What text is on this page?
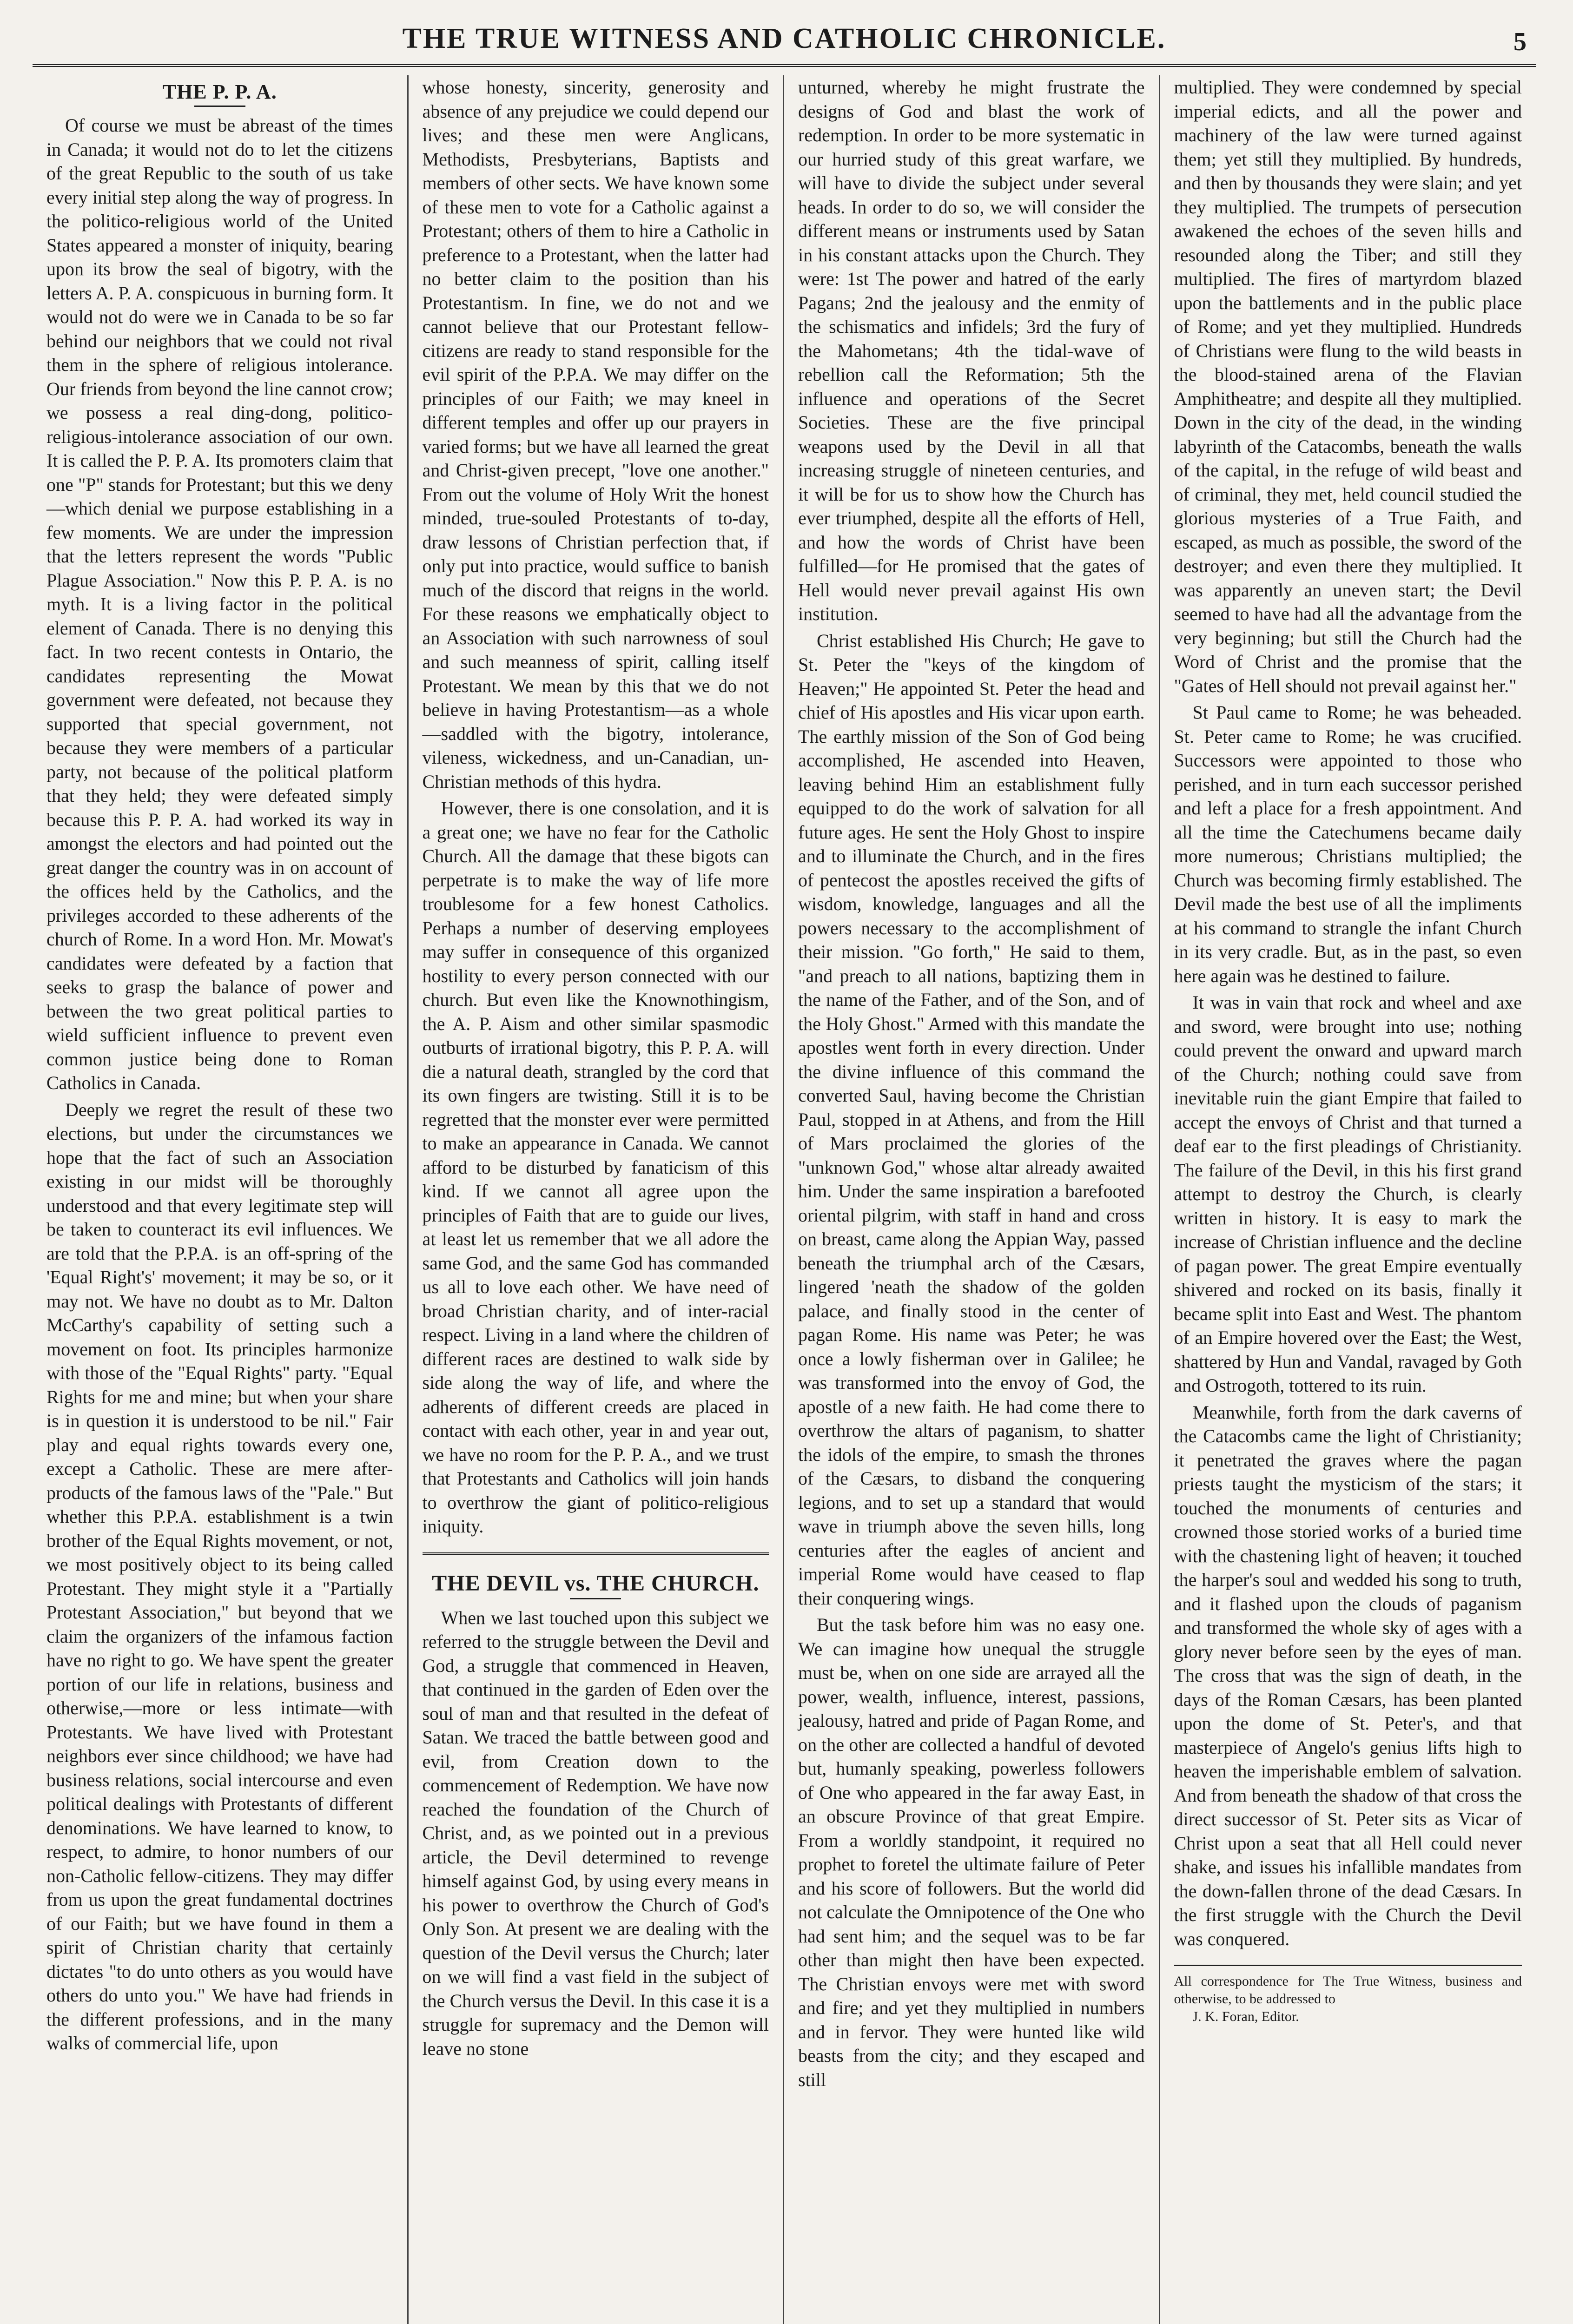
THE TRUE WITNESS AND CATHOLIC CHRONICLE.	5
THE P. P. A.

Of course we must be abreast of the times in Canada; it would not do to let the citizens of the great Republic to the south of us take every initial step along the way of progress. In the politico-religious world of the United States appeared a monster of iniquity, bearing upon its brow the seal of bigotry, with the letters A. P. A. conspicuous in burning form. It would not do were we in Canada to be so far behind our neighbors that we could not rival them in the sphere of religious intolerance. Our friends from beyond the line cannot crow; we possess a real ding-dong, politico-religious-intolerance association of our own. It is called the P. P. A. Its promoters claim that one "P" stands for Protestant; but this we deny—which denial we purpose establishing in a few moments. We are under the impression that the letters represent the words "Public Plague Association." Now this P. P. A. is no myth. It is a living factor in the political element of Canada. There is no denying this fact. In two recent contests in Ontario, the candidates representing the Mowat government were defeated, not because they supported that special government, not because they were members of a particular party, not because of the political platform that they held; they were defeated simply because this P. P. A. had worked its way in amongst the electors and had pointed out the great danger the country was in on account of the offices held by the Catholics, and the privileges accorded to these adherents of the church of Rome. In a word Hon. Mr. Mowat's candidates were defeated by a faction that seeks to grasp the balance of power and between the two great political parties to wield sufficient influence to prevent even common justice being done to Roman Catholics in Canada.

Deeply we regret the result of these two elections, but under the circumstances we hope that the fact of such an Association existing in our midst will be thoroughly understood and that every legitimate step will be taken to counteract its evil influences. We are told that the P.P.A. is an off-spring of the 'Equal Right's' movement; it may be so, or it may not. We have no doubt as to Mr. Dalton McCarthy's capability of setting such a movement on foot. Its principles harmonize with those of the "Equal Rights" party. "Equal Rights for me and mine; but when your share is in question it is understood to be nil." Fair play and equal rights towards every one, except a Catholic. These are mere after-products of the famous laws of the "Pale." But whether this P.P.A. establishment is a twin brother of the Equal Rights movement, or not, we most positively object to its being called Protestant. They might style it a "Partially Protestant Association," but beyond that we claim the organizers of the infamous faction have no right to go. We have spent the greater portion of our life in relations, business and otherwise,—more or less intimate—with Protestants. We have lived with Protestant neighbors ever since childhood; we have had business relations, social intercourse and even political dealings with Protestants of different denominations. We have learned to know, to respect, to admire, to honor numbers of our non-Catholic fellow-citizens. They may differ from us upon the great fundamental doctrines of our Faith; but we have found in them a spirit of Christian charity that certainly dictates "to do unto others as you would have others do unto you." We have had friends in the different professions, and in the many walks of commercial life, upon

whose honesty, sincerity, generosity and absence of any prejudice we could depend our lives; and these men were Anglicans, Methodists, Presbyterians, Baptists and members of other sects. We have known some of these men to vote for a Catholic against a Protestant; others of them to hire a Catholic in preference to a Protestant, when the latter had no better claim to the position than his Protestantism. In fine, we do not and we cannot believe that our Protestant fellow-citizens are ready to stand responsible for the evil spirit of the P.P.A. We may differ on the principles of our Faith; we may kneel in different temples and offer up our prayers in varied forms; but we have all learned the great and Christ-given precept, "love one another." From out the volume of Holy Writ the honest minded, true-souled Protestants of to-day, draw lessons of Christian perfection that, if only put into practice, would suffice to banish much of the discord that reigns in the world. For these reasons we emphatically object to an Association with such narrowness of soul and such meanness of spirit, calling itself Protestant. We mean by this that we do not believe in having Protestantism—as a whole—saddled with the bigotry, intolerance, vileness, wickedness, and un-Canadian, un-Christian methods of this hydra.

However, there is one consolation, and it is a great one; we have no fear for the Catholic Church. All the damage that these bigots can perpetrate is to make the way of life more troublesome for a few honest Catholics. Perhaps a number of deserving employees may suffer in consequence of this organized hostility to every person connected with our church. But even like the Knownothingism, the A. P. Aism and other similar spasmodic outburts of irrational bigotry, this P. P. A. will die a natural death, strangled by the cord that its own fingers are twisting. Still it is to be regretted that the monster ever were permitted to make an appearance in Canada. We cannot afford to be disturbed by fanaticism of this kind. If we cannot all agree upon the principles of Faith that are to guide our lives, at least let us remember that we all adore the same God, and the same God has commanded us all to love each other. We have need of broad Christian charity, and of inter-racial respect. Living in a land where the children of different races are destined to walk side by side along the way of life, and where the adherents of different creeds are placed in contact with each other, year in and year out, we have no room for the P. P. A., and we trust that Protestants and Catholics will join hands to overthrow the giant of politico-religious iniquity.

THE DEVIL vs. THE CHURCH.

When we last touched upon this subject we referred to the struggle between the Devil and God, a struggle that commenced in Heaven, that continued in the garden of Eden over the soul of man and that resulted in the defeat of Satan. We traced the battle between good and evil, from Creation down to the commencement of Redemption. We have now reached the foundation of the Church of Christ, and, as we pointed out in a previous article, the Devil determined to revenge himself against God, by using every means in his power to overthrow the Church of God's Only Son. At present we are dealing with the question of the Devil versus the Church; later on we will find a vast field in the subject of the Church versus the Devil. In this case it is a struggle for supremacy and the Demon will leave no stone

unturned, whereby he might frustrate the designs of God and blast the work of redemption. In order to be more systematic in our hurried study of this great warfare, we will have to divide the subject under several heads. In order to do so, we will consider the different means or instruments used by Satan in his constant attacks upon the Church. They were: 1st The power and hatred of the early Pagans; 2nd the jealousy and the enmity of the schismatics and infidels; 3rd the fury of the Mahometans; 4th the tidal-wave of rebellion call the Reformation; 5th the influence and operations of the Secret Societies. These are the five principal weapons used by the Devil in all that increasing struggle of nineteen centuries, and it will be for us to show how the Church has ever triumphed, despite all the efforts of Hell, and how the words of Christ have been fulfilled—for He promised that the gates of Hell would never prevail against His own institution.

Christ established His Church; He gave to St. Peter the "keys of the kingdom of Heaven;" He appointed St. Peter the head and chief of His apostles and His vicar upon earth. The earthly mission of the Son of God being accomplished, He ascended into Heaven, leaving behind Him an establishment fully equipped to do the work of salvation for all future ages. He sent the Holy Ghost to inspire and to illuminate the Church, and in the fires of pentecost the apostles received the gifts of wisdom, knowledge, languages and all the powers necessary to the accomplishment of their mission. "Go forth," He said to them, "and preach to all nations, baptizing them in the name of the Father, and of the Son, and of the Holy Ghost." Armed with this mandate the apostles went forth in every direction. Under the divine influence of this command the converted Saul, having become the Christian Paul, stopped in at Athens, and from the Hill of Mars proclaimed the glories of the "unknown God," whose altar already awaited him. Under the same inspiration a barefooted oriental pilgrim, with staff in hand and cross on breast, came along the Appian Way, passed beneath the triumphal arch of the Cæsars, lingered 'neath the shadow of the golden palace, and finally stood in the center of pagan Rome. His name was Peter; he was once a lowly fisherman over in Galilee; he was transformed into the envoy of God, the apostle of a new faith. He had come there to overthrow the altars of paganism, to shatter the idols of the empire, to smash the thrones of the Cæsars, to disband the conquering legions, and to set up a standard that would wave in triumph above the seven hills, long centuries after the eagles of ancient and imperial Rome would have ceased to flap their conquering wings.

But the task before him was no easy one. We can imagine how unequal the struggle must be, when on one side are arrayed all the power, wealth, influence, interest, passions, jealousy, hatred and pride of Pagan Rome, and on the other are collected a handful of devoted but, humanly speaking, powerless followers of One who appeared in the far away East, in an obscure Province of that great Empire. From a worldly standpoint, it required no prophet to foretel the ultimate failure of Peter and his score of followers. But the world did not calculate the Omnipotence of the One who had sent him; and the sequel was to be far other than might then have been expected. The Christian envoys were met with sword and fire; and yet they multiplied in numbers and in fervor. They were hunted like wild beasts from the city; and they escaped and still

multiplied. They were condemned by special imperial edicts, and all the power and machinery of the law were turned against them; yet still they multiplied. By hundreds, and then by thousands they were slain; and yet they multiplied. The trumpets of persecution awakened the echoes of the seven hills and resounded along the Tiber; and still they multiplied. The fires of martyrdom blazed upon the battlements and in the public place of Rome; and yet they multiplied. Hundreds of Christians were flung to the wild beasts in the blood-stained arena of the Flavian Amphitheatre; and despite all they multiplied. Down in the city of the dead, in the winding labyrinth of the Catacombs, beneath the walls of the capital, in the refuge of wild beast and of criminal, they met, held council studied the glorious mysteries of a True Faith, and escaped, as much as possible, the sword of the destroyer; and even there they multiplied. It was apparently an uneven start; the Devil seemed to have had all the advantage from the very beginning; but still the Church had the Word of Christ and the promise that the "Gates of Hell should not prevail against her."

St Paul came to Rome; he was beheaded. St. Peter came to Rome; he was crucified. Successors were appointed to those who perished, and in turn each successor perished and left a place for a fresh appointment. And all the time the Catechumens became daily more numerous; Christians multiplied; the Church was becoming firmly established. The Devil made the best use of all the impliments at his command to strangle the infant Church in its very cradle. But, as in the past, so even here again was he destined to failure.

It was in vain that rock and wheel and axe and sword, were brought into use; nothing could prevent the onward and upward march of the Church; nothing could save from inevitable ruin the giant Empire that failed to accept the envoys of Christ and that turned a deaf ear to the first pleadings of Christianity. The failure of the Devil, in this his first grand attempt to destroy the Church, is clearly written in history. It is easy to mark the increase of Christian influence and the decline of pagan power. The great Empire eventually shivered and rocked on its basis, finally it became split into East and West. The phantom of an Empire hovered over the East; the West, shattered by Hun and Vandal, ravaged by Goth and Ostrogoth, tottered to its ruin.

Meanwhile, forth from the dark caverns of the Catacombs came the light of Christianity; it penetrated the graves where the pagan priests taught the mysticism of the stars; it touched the monuments of centuries and crowned those storied works of a buried time with the chastening light of heaven; it touched the harper's soul and wedded his song to truth, and it flashed upon the clouds of paganism and transformed the whole sky of ages with a glory never before seen by the eyes of man. The cross that was the sign of death, in the days of the Roman Cæsars, has been planted upon the dome of St. Peter's, and that masterpiece of Angelo's genius lifts high to heaven the imperishable emblem of salvation. And from beneath the shadow of that cross the direct successor of St. Peter sits as Vicar of Christ upon a seat that all Hell could never shake, and issues his infallible mandates from the down-fallen throne of the dead Cæsars. In the first struggle with the Church the Devil was conquered.

All correspondence for The True Witness, business and otherwise, to be addressed to
J. K. Foran, Editor.
